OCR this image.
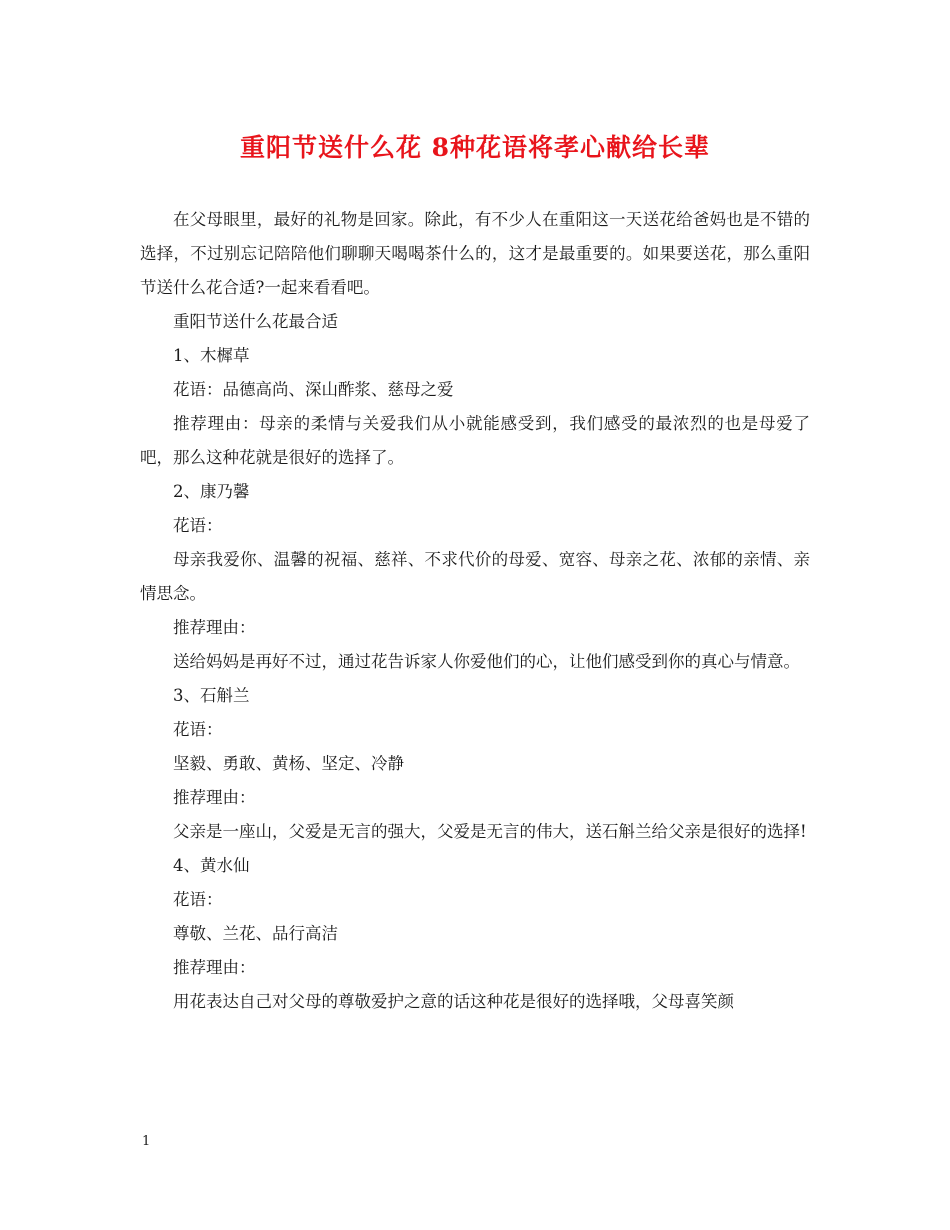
重阳节送什么花 8种花语将孝心献给长辈

在父母眼里，最好的礼物是回家。除此，有不少人在重阳这一天送花给爸妈也是不错的选择，不过别忘记陪陪他们聊聊天喝喝茶什么的，这才是最重要的。如果要送花，那么重阳节送什么花合适?一起来看看吧。

重阳节送什么花最合适

1、木樨草

花语：品德高尚、深山酢浆、慈母之爱

推荐理由：母亲的柔情与关爱我们从小就能感受到，我们感受的最浓烈的也是母爱了吧，那么这种花就是很好的选择了。

2、康乃馨

花语：

母亲我爱你、温馨的祝福、慈祥、不求代价的母爱、宽容、母亲之花、浓郁的亲情、亲情思念。

推荐理由：

送给妈妈是再好不过，通过花告诉家人你爱他们的心，让他们感受到你的真心与情意。

3、石斛兰

花语：

坚毅、勇敢、黄杨、坚定、冷静

推荐理由：

父亲是一座山，父爱是无言的强大，父爱是无言的伟大，送石斛兰给父亲是很好的选择!

4、黄水仙

花语：

尊敬、兰花、品行高洁

推荐理由：

用花表达自己对父母的尊敬爱护之意的话这种花是很好的选择哦，父母喜笑颜

1
